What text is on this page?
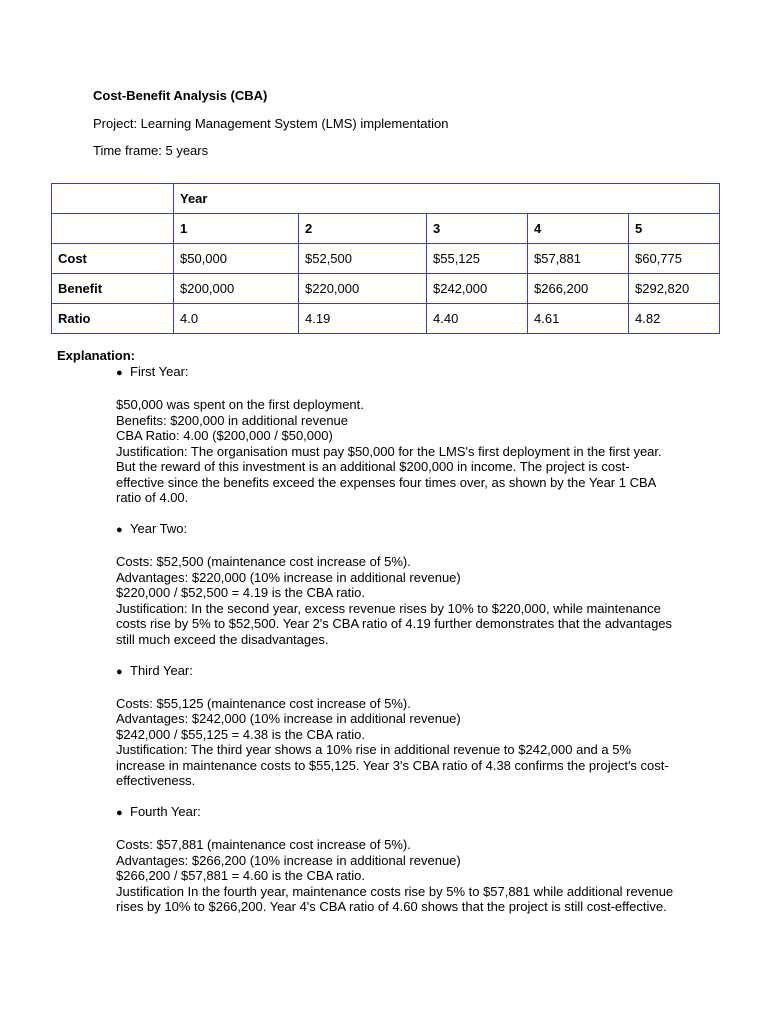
Cost-Benefit Analysis (CBA)
Project: Learning Management System (LMS) implementation
Time frame: 5 years
	Year				
	1	2	3	4	5
Cost	$50,000	$52,500	$55,125	$57,881	$60,775
Benefit	$200,000	$220,000	$242,000	$266,200	$292,820
Ratio	4.0	4.19	4.40	4.61	4.82
Explanation:
● First Year:

$50,000 was spent on the first deployment.

Benefits: $200,000 in additional revenue

CBA Ratio: 4.00 ($200,000 / $50,000)

Justification: The organisation must pay $50,000 for the LMS's first deployment in the first year. But the reward of this investment is an additional $200,000 in income. The project is cost-effective since the benefits exceed the expenses four times over, as shown by the Year 1 CBA ratio of 4.00.

● Year Two:

Costs: $52,500 (maintenance cost increase of 5%).

Advantages: $220,000 (10% increase in additional revenue)

$220,000 / $52,500 = 4.19 is the CBA ratio.

Justification: In the second year, excess revenue rises by 10% to $220,000, while maintenance costs rise by 5% to $52,500. Year 2's CBA ratio of 4.19 further demonstrates that the advantages still much exceed the disadvantages.

● Third Year:

Costs: $55,125 (maintenance cost increase of 5%).

Advantages: $242,000 (10% increase in additional revenue)

$242,000 / $55,125 = 4.38 is the CBA ratio.

Justification: The third year shows a 10% rise in additional revenue to $242,000 and a 5% increase in maintenance costs to $55,125. Year 3's CBA ratio of 4.38 confirms the project's cost-effectiveness.

● Fourth Year:

Costs: $57,881 (maintenance cost increase of 5%).

Advantages: $266,200 (10% increase in additional revenue)

$266,200 / $57,881 = 4.60 is the CBA ratio.

Justification In the fourth year, maintenance costs rise by 5% to $57,881 while additional revenue rises by 10% to $266,200. Year 4's CBA ratio of 4.60 shows that the project is still cost-effective.
